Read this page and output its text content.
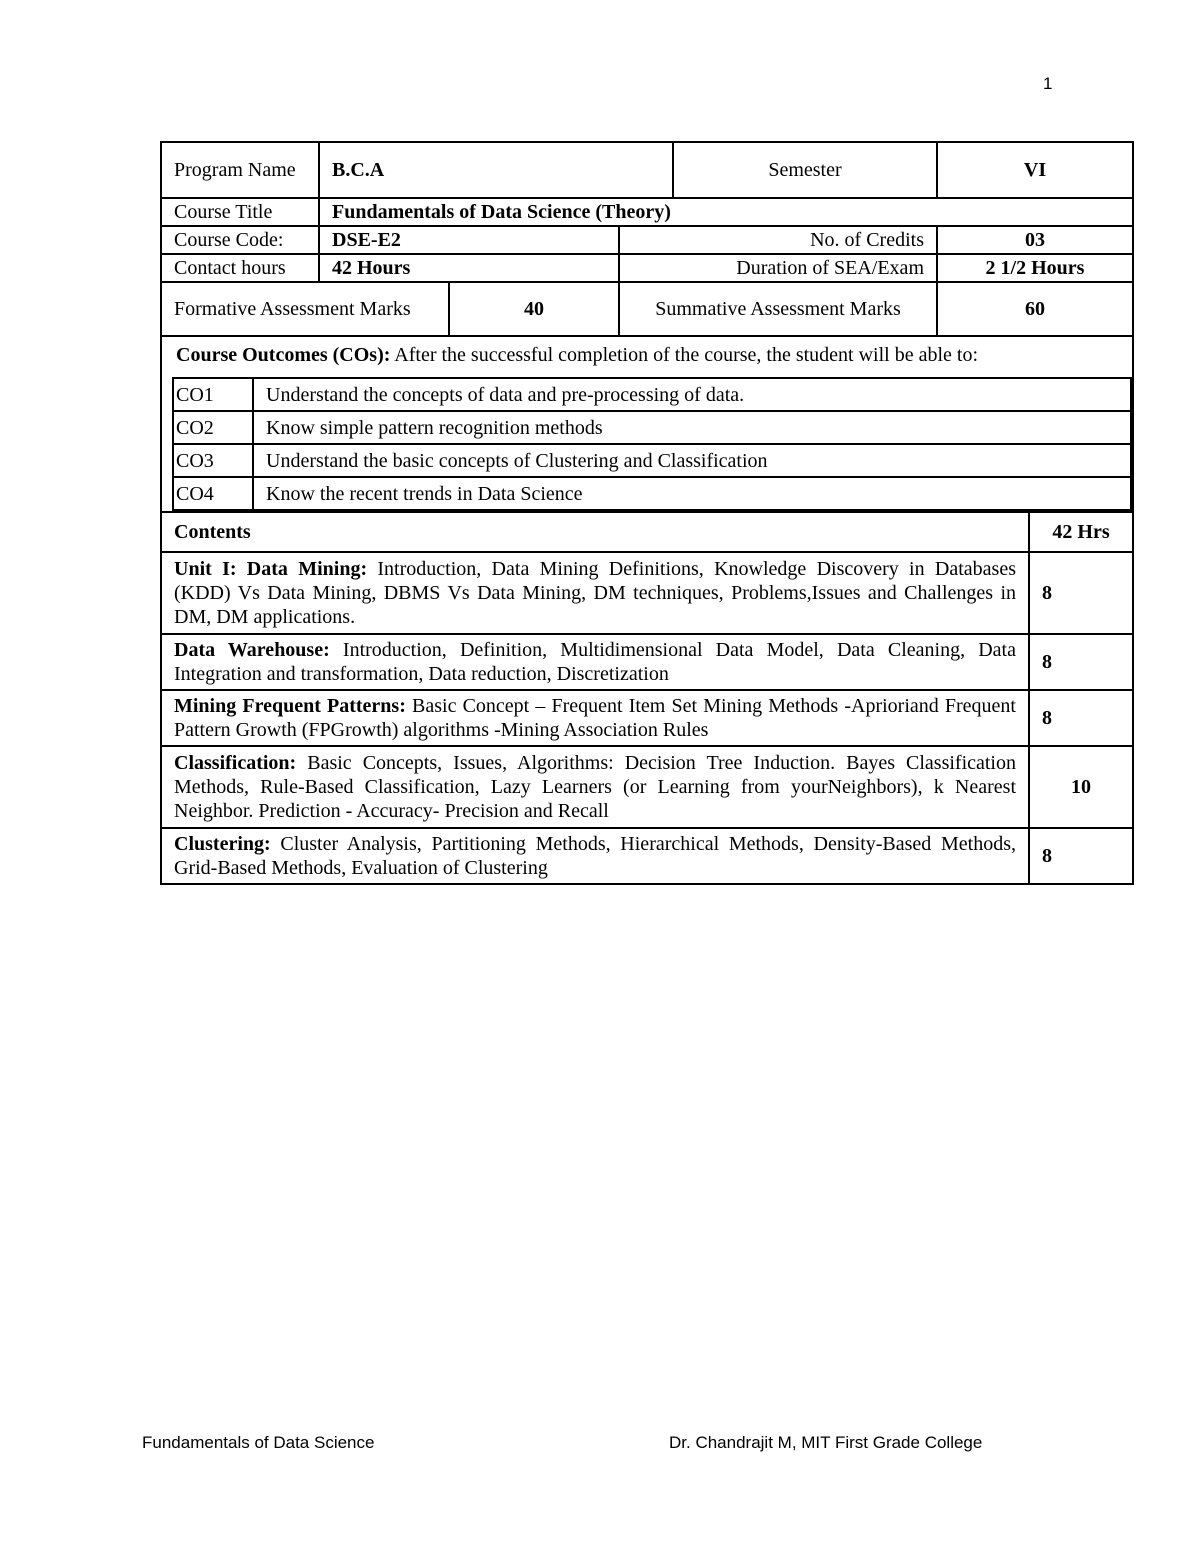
1
Program Name	B.C.A	Semester	VI
Course Title	Fundamentals of Data Science (Theory)
Course Code:	DSE-E2	No. of Credits	03
Contact hours	42 Hours	Duration of SEA/Exam	2 1/2 Hours
Formative Assessment Marks	40	Summative Assessment Marks	60

Course Outcomes (COs): After the successful completion of the course, the student will be able to:
CO1	Understand the concepts of data and pre-processing of data.
CO2	Know simple pattern recognition methods
CO3	Understand the basic concepts of Clustering and Classification
CO4	Know the recent trends in Data Science

Contents	42 Hrs
Unit I: Data Mining: Introduction, Data Mining Definitions, Knowledge Discovery in Databases (KDD) Vs Data Mining, DBMS Vs Data Mining, DM techniques, Problems,Issues and Challenges in DM, DM applications.	8
Data Warehouse: Introduction, Definition, Multidimensional Data Model, Data Cleaning, Data Integration and transformation, Data reduction, Discretization	8
Mining Frequent Patterns: Basic Concept – Frequent Item Set Mining Methods -Aprioriand Frequent Pattern Growth (FPGrowth) algorithms -Mining Association Rules	8
Classification: Basic Concepts, Issues, Algorithms: Decision Tree Induction. Bayes Classification Methods, Rule-Based Classification, Lazy Learners (or Learning from yourNeighbors), k Nearest Neighbor. Prediction - Accuracy- Precision and Recall	10
Clustering: Cluster Analysis, Partitioning Methods, Hierarchical Methods, Density-Based Methods, Grid-Based Methods, Evaluation of Clustering	8
Fundamentals of Data Science	Dr. Chandrajit M, MIT First Grade College
